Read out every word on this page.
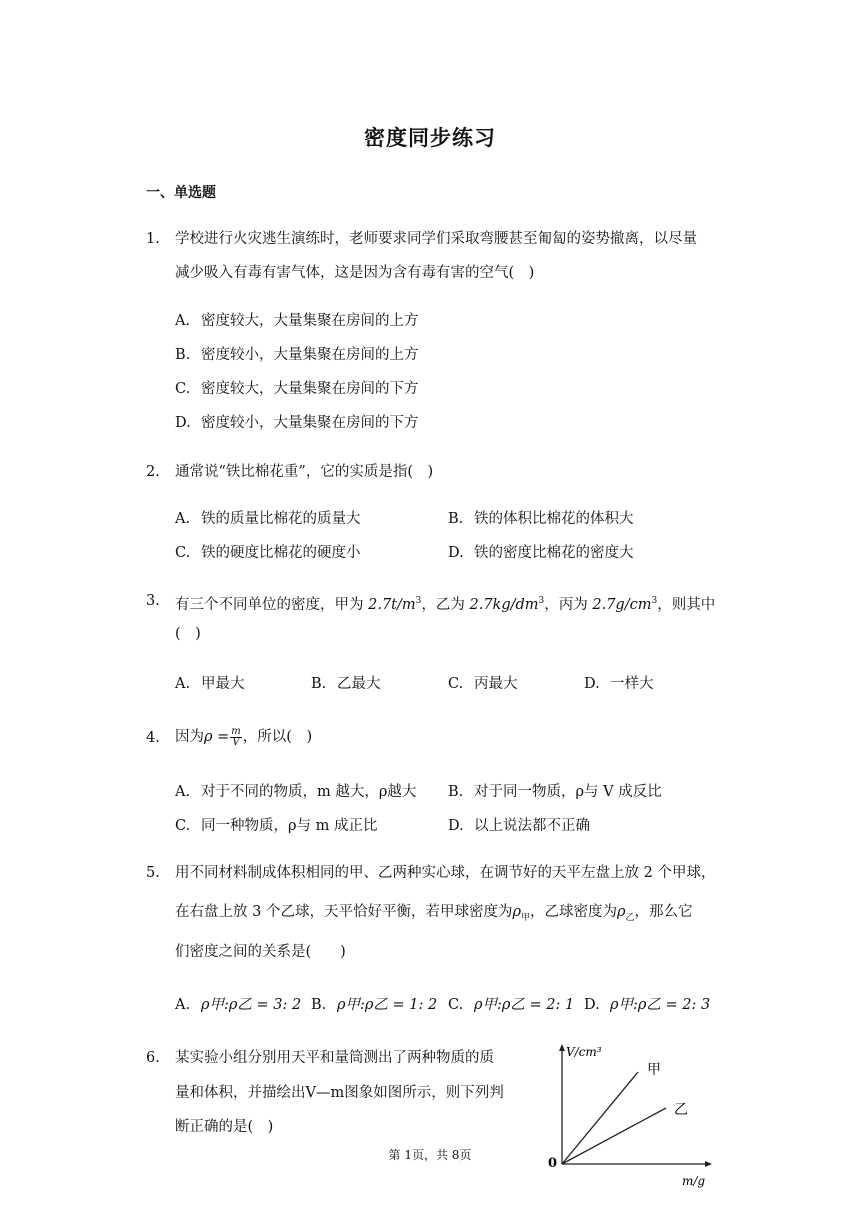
密度同步练习
一、单选题
1. 学校进行火灾逃生演练时，老师要求同学们采取弯腰甚至匍匐的姿势撤离，以尽量
减少吸入有毒有害气体，这是因为含有毒有害的空气(　)
A. 密度较大，大量集聚在房间的上方
B. 密度较小，大量集聚在房间的上方
C. 密度较大，大量集聚在房间的下方
D. 密度较小，大量集聚在房间的下方
2. 通常说“铁比棉花重”，它的实质是指(　)
A. 铁的质量比棉花的质量大	B. 铁的体积比棉花的体积大
C. 铁的硬度比棉花的硬度小	D. 铁的密度比棉花的密度大
3. 有三个不同单位的密度，甲为 $2.7t/m^3$，乙为 $2.7kg/dm^3$，丙为 $2.7g/cm^3$，则其中
(　)
A. 甲最大	B. 乙最大	C. 丙最大	D. 一样大
4. 因为$\rho = \frac{m}{V}$ ，所以(　)
A. 对于不同的物质，m 越大，ρ越大 B. 对于同一物质，ρ与 V 成反比
C. 同一种物质，ρ与 m 成正比	D. 以上说法都不正确
5. 用不同材料制成体积相同的甲、乙两种实心球，在调节好的天平左盘上放 2 个甲球，
在右盘上放 3 个乙球，天平恰好平衡，若甲球密度为$\rho_甲$，乙球密度为$\rho_乙$，那么它
们密度之间的关系是(　　)
A. ρ甲:ρ乙 = 3: 2 B. ρ甲:ρ乙 = 1: 2 C. ρ甲:ρ乙 = 2: 1 D. ρ甲:ρ乙 = 2: 3
6. 某实验小组分别用天平和量筒测出了两种物质的质
量和体积，并描绘出V—m图象如图所示，则下列判
断正确的是(　)
V/cm³
m/g
0
甲
乙
第 1页，共 8页
